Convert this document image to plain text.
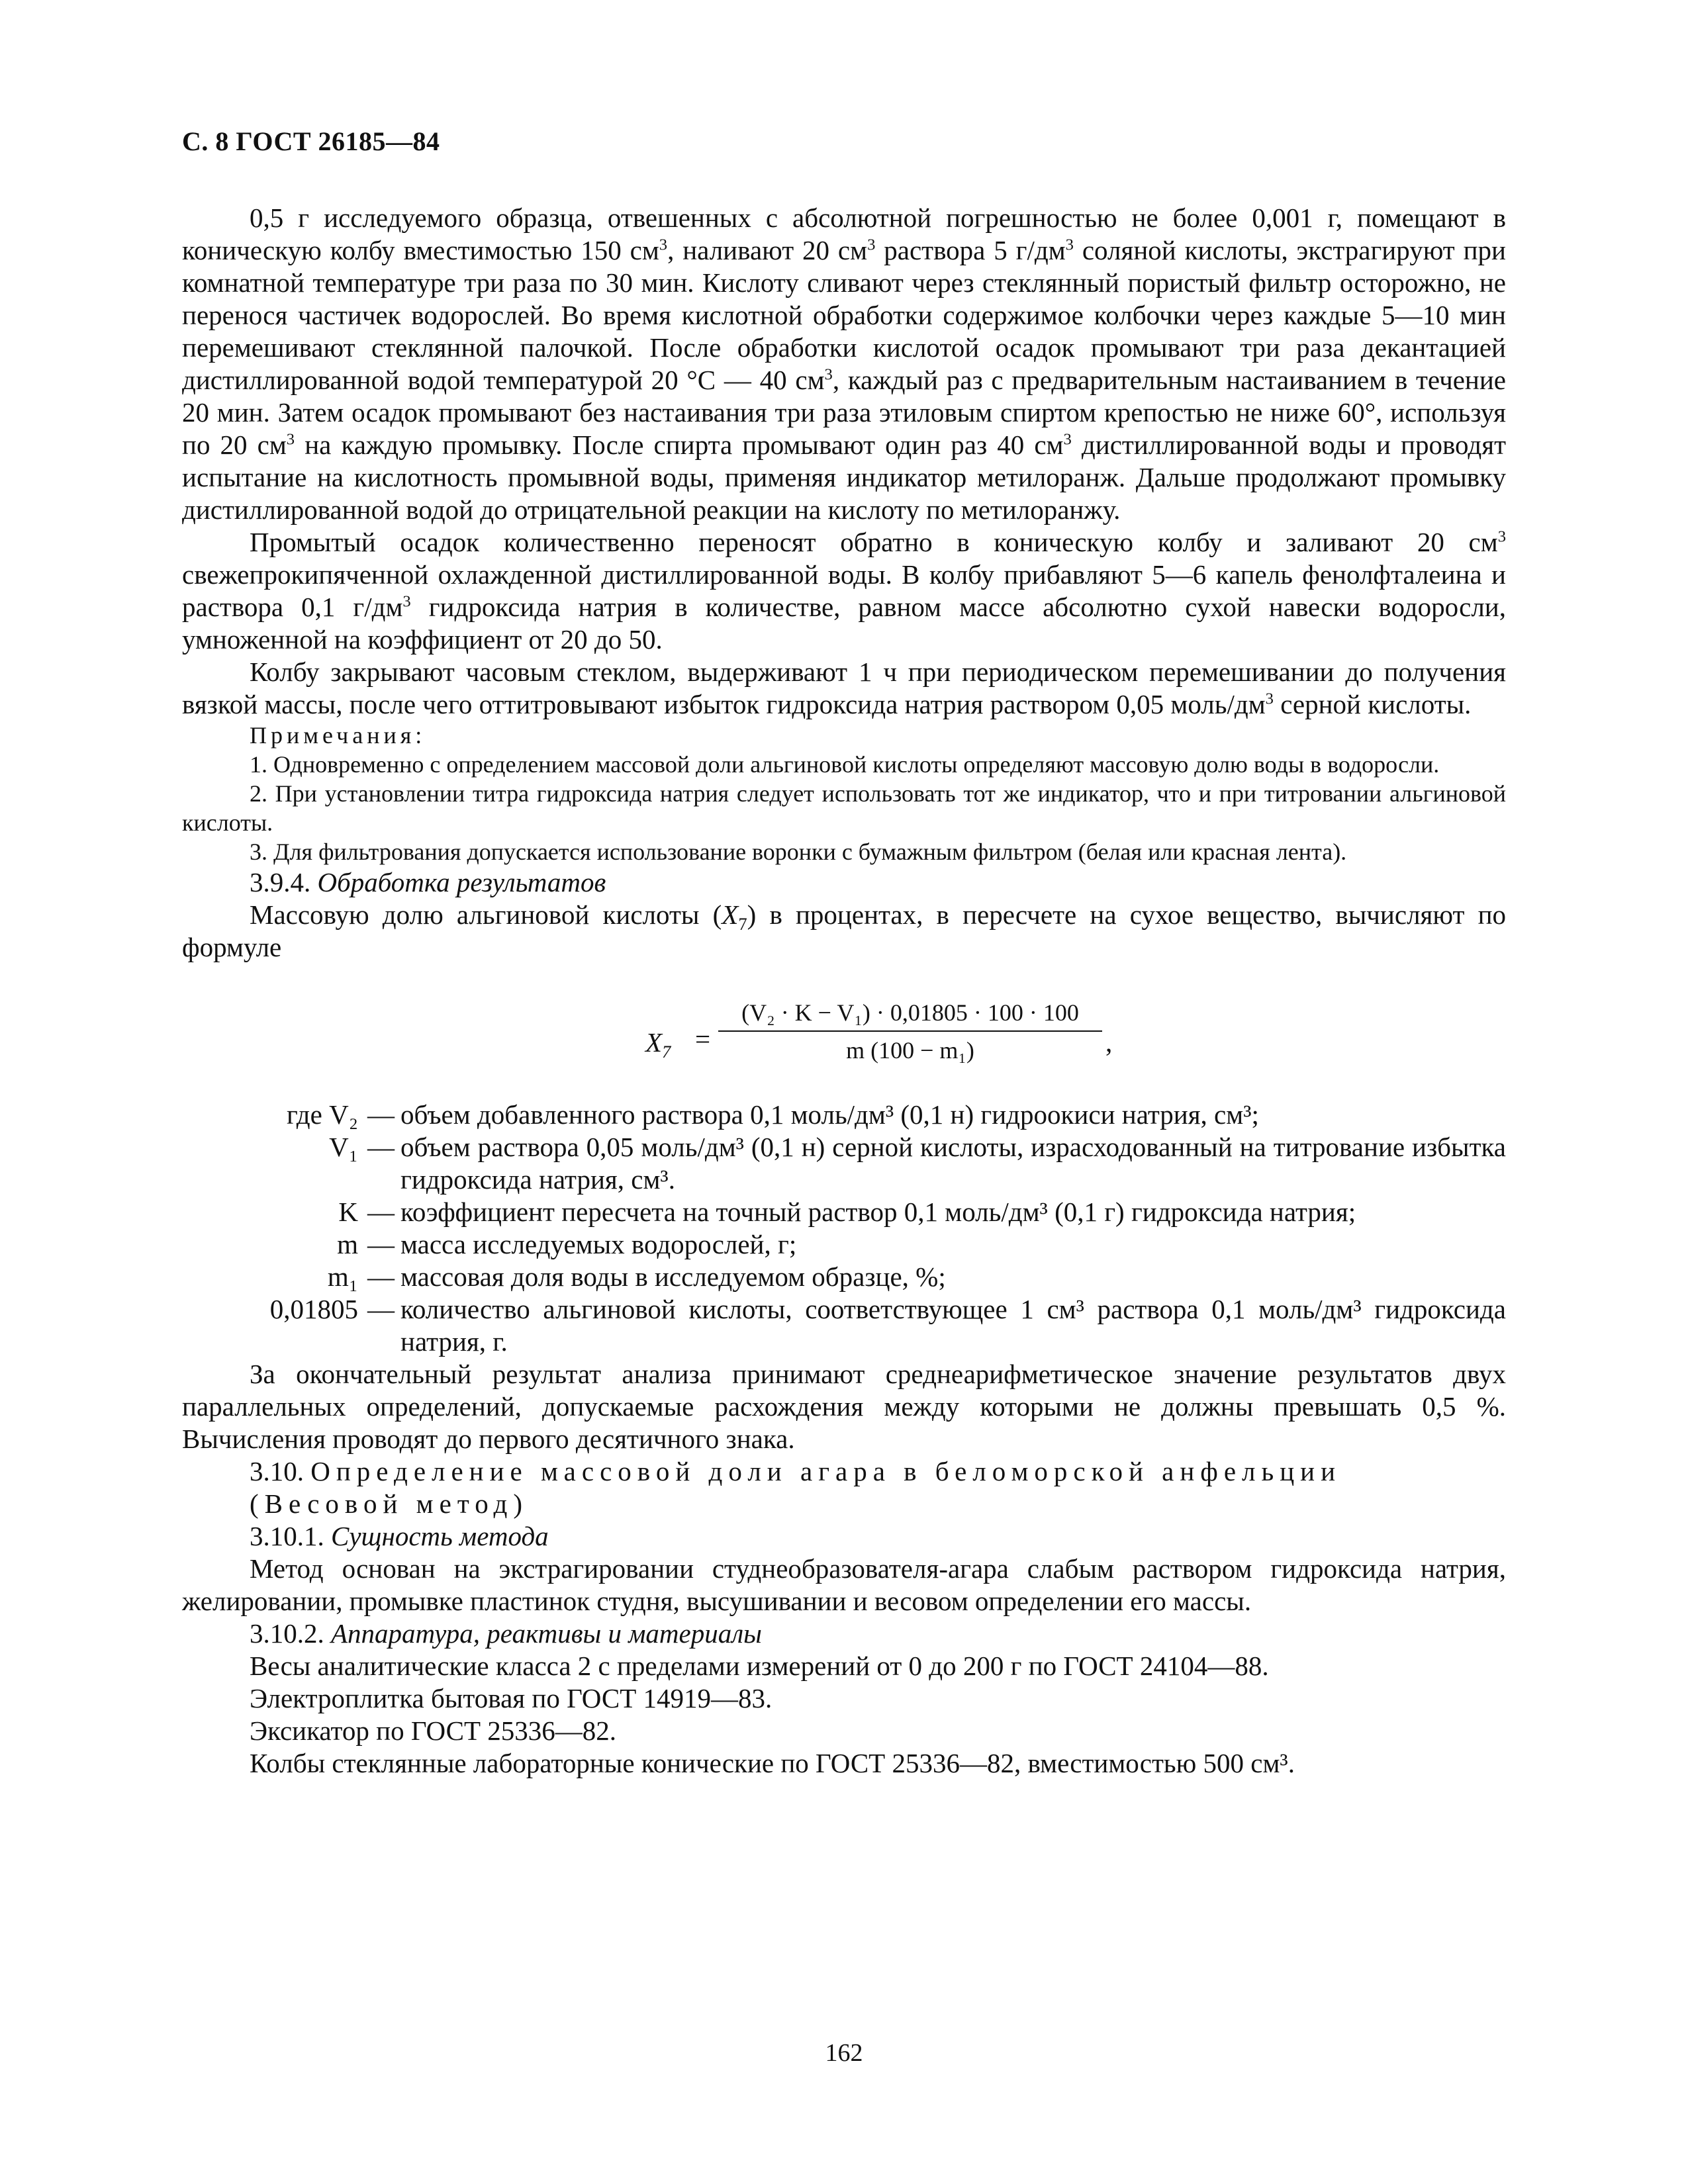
С. 8 ГОСТ 26185—84

0,5 г исследуемого образца, отвешенных с абсолютной погрешностью не более 0,001 г, помещают в коническую колбу вместимостью 150 $см^3$, наливают 20 $см^3$ раствора 5 $г/дм^3$ соляной кислоты, экстрагируют при комнатной температуре три раза по 30 мин. Кислоту сливают через стеклянный пористый фильтр осторожно, не перенося частичек водорослей. Во время кислотной обработки содержимое колбочки через каждые 5—10 мин перемешивают стеклянной палочкой. После обработки кислотой осадок промывают три раза декантацией дистиллированной водой температурой 20 °С — 40 $см^3$, каждый раз с предварительным настаиванием в течение 20 мин. Затем осадок промывают без настаивания три раза этиловым спиртом крепостью не ниже 60°, используя по 20 $см^3$ на каждую промывку. После спирта промывают один раз 40 $см^3$ дистиллированной воды и проводят испытание на кислотность промывной воды, применяя индикатор метилоранж. Дальше продолжают промывку дистиллированной водой до отрицательной реакции на кислоту по метилоранжу.

Промытый осадок количественно переносят обратно в коническую колбу и заливают 20 $см^3$ свежепрокипяченной охлажденной дистиллированной воды. В колбу прибавляют 5—6 капель фенолфталеина и раствора 0,1 $г/дм^3$ гидроксида натрия в количестве, равном массе абсолютно сухой навески водоросли, умноженной на коэффициент от 20 до 50.

Колбу закрывают часовым стеклом, выдерживают 1 ч при периодическом перемешивании до получения вязкой массы, после чего оттитровывают избыток гидроксида натрия раствором 0,05 моль/$дм^3$ серной кислоты.

Примечания:

1. Одновременно с определением массовой доли альгиновой кислоты определяют массовую долю воды в водоросли.

2. При установлении титра гидроксида натрия следует использовать тот же индикатор, что и при титровании альгиновой кислоты.

3. Для фильтрования допускается использование воронки с бумажным фильтром (белая или красная лента).

3.9.4. Обработка результатов

Массовую долю альгиновой кислоты $(X_7)$ в процентах, в пересчете на сухое вещество, вычисляют по формуле

$X_7 = \frac{\text{(V₂ · K − V₁) · 0,01805 · 100 · 100}}{\text{m (100 − m₁)}}$ ,
где V₂ — объем добавленного раствора 0,1 моль/дм³ (0,1 н) гидроокиси натрия, см³;
V₁ — объем раствора 0,05 моль/дм³ (0,1 н) серной кислоты, израсходованный на титрование избытка гидроксида натрия, см³.
K — коэффициент пересчета на точный раствор 0,1 моль/дм³ (0,1 г) гидроксида натрия;
m — масса исследуемых водорослей, г;
m₁ — массовая доля воды в исследуемом образце, %;
0,01805 — количество альгиновой кислоты, соответствующее 1 см³ раствора 0,1 моль/дм³ гидроксида натрия, г.

За окончательный результат анализа принимают среднеарифметическое значение результатов двух параллельных определений, допускаемые расхождения между которыми не должны превышать 0,5 %. Вычисления проводят до первого десятичного знака.

3.10. Определение массовой доли агара в беломорской анфельции

(Весовой метод)

3.10.1. Сущность метода

Метод основан на экстрагировании студнеобразователя-агара слабым раствором гидроксида натрия, желировании, промывке пластинок студня, высушивании и весовом определении его массы.

3.10.2. Аппаратура, реактивы и материалы

Весы аналитические класса 2 с пределами измерений от 0 до 200 г по ГОСТ 24104—88.

Электроплитка бытовая по ГОСТ 14919—83.

Эксикатор по ГОСТ 25336—82.

Колбы стеклянные лабораторные конические по ГОСТ 25336—82, вместимостью 500 см³.

162
